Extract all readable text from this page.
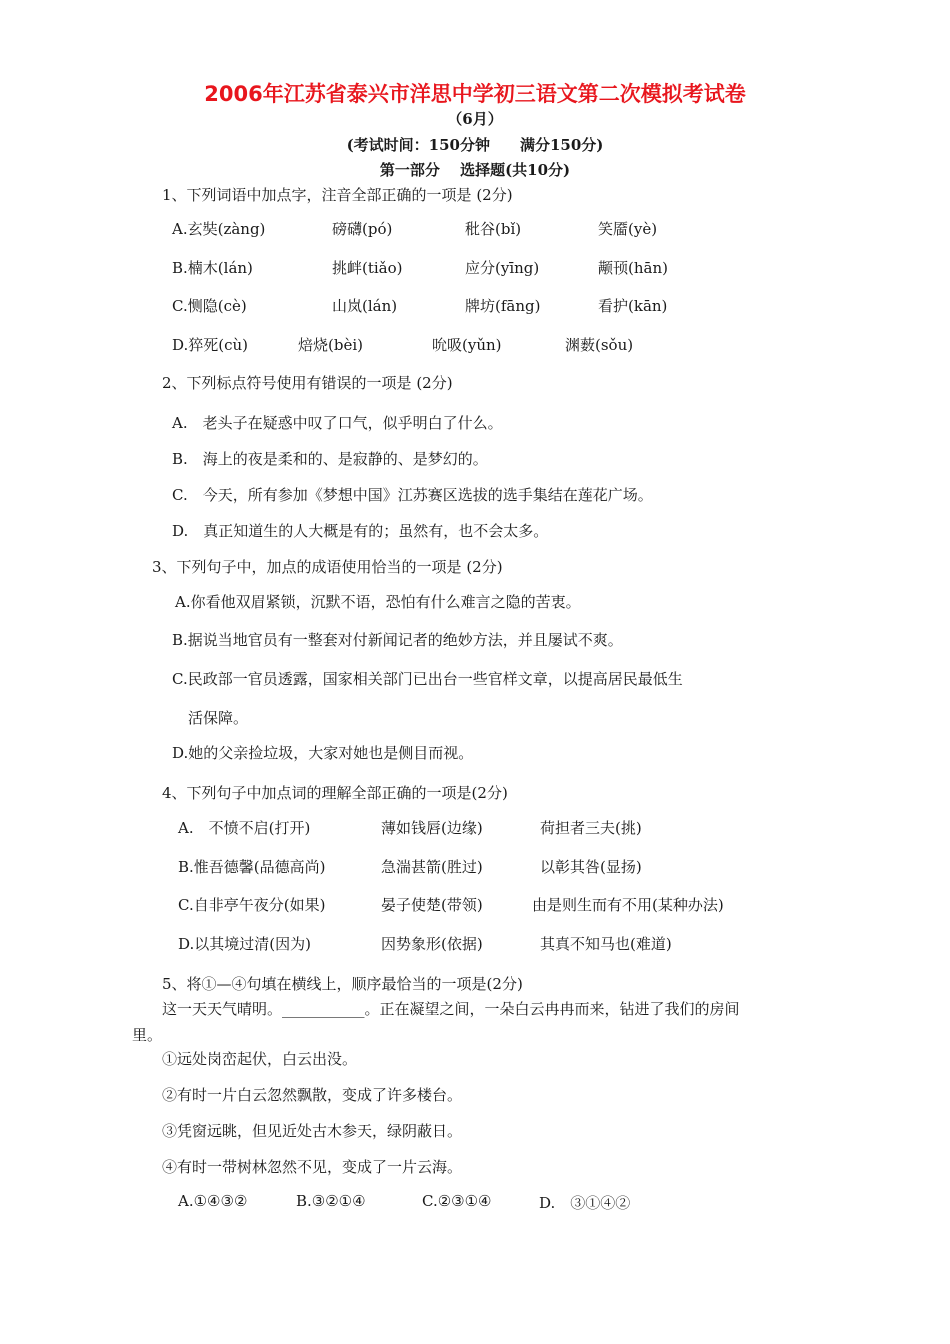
2006年江苏省泰兴市洋思中学初三语文第二次模拟考试卷
（6月）
(考试时间：150分钟　　满分150分)
第一部分　 选择题(共10分)
1、下列词语中加点字，注音全部正确的一项是 (2分)
A.玄奘(zàng)	磅礴(pó)	秕谷(bǐ)	笑靥(yè)
B.楠木(lán)	挑衅(tiǎo)	应分(yīng)	颟顸(hān)
C.恻隐(cè)	山岚(lán)	牌坊(fāng)	看护(kān)
D.猝死(cù)	焙烧(bèi)	吮吸(yǔn)	渊薮(sǒu)
2、下列标点符号使用有错误的一项是 (2分)
A.　老头子在疑惑中叹了口气，似乎明白了什么。
B.　海上的夜是柔和的、是寂静的、是梦幻的。
C.　今天，所有参加《梦想中国》江苏赛区选拔的选手集结在莲花广场。
D.　真正知道生的人大概是有的；虽然有，也不会太多。
3、下列句子中，加点的成语使用恰当的一项是 (2分)
A.你看他双眉紧锁，沉默不语，恐怕有什么难言之隐的苦衷。
B.据说当地官员有一整套对付新闻记者的绝妙方法，并且屡试不爽。
C.民政部一官员透露，国家相关部门已出台一些官样文章，以提高居民最低生
活保障。
D.她的父亲捡垃圾，大家对她也是侧目而视。
4、下列句子中加点词的理解全部正确的一项是(2分)
A.　不愤不启(打开)	薄如钱唇(边缘)	荷担者三夫(挑)
B.惟吾德馨(品德高尚)	急湍甚箭(胜过)	以彰其咎(显扬)
C.自非亭午夜分(如果)	晏子使楚(带领)	由是则生而有不用(某种办法)
D.以其境过清(因为)	因势象形(依据)	其真不知马也(难道)
5、将①—④句填在横线上，顺序最恰当的一项是(2分)
这一天天气晴明。___________。正在凝望之间，一朵白云冉冉而来，钻进了我们的房间
里。
①远处岗峦起伏，白云出没。
②有时一片白云忽然飘散，变成了许多楼台。
③凭窗远眺，但见近处古木参天，绿阴蔽日。
④有时一带树林忽然不见，变成了一片云海。
A.①④③②	B.③②①④	C.②③①④	D.　③①④②
